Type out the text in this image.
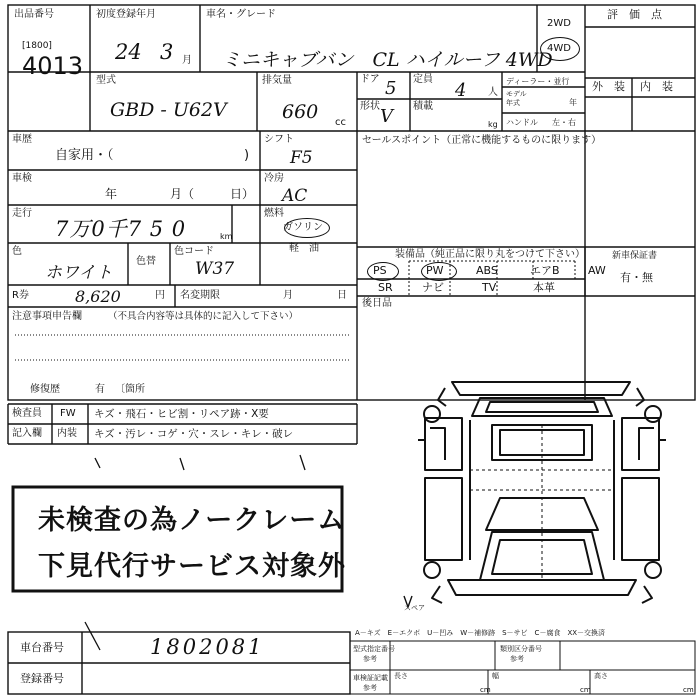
スペア
出品番号
[1800]
4013
初度登録年月
24 3 月
車名・グレード
ミニキャブバン　CL ハイルーフ 4WD
2WD
4WD
評　価　点
型式
GBD - U62V
排気量
660 cc
ドア 5 定員
4 人
形状 V 積載
kg
ディーラー・並行
モデル
年式	年
ハンドル 左・右
外　装 内　装
車歴
自家用・（	)
シフト
F5
セールスポイント（正常に機能するものに限ります）
車検
年	月（	日）
冷房
AC
走行
7万0千7 5 0	km
燃料
ガソリン
軽　油
色
ホワイト
色替
色コード
W37
R券	8,620	円 名変期限	月	日
装備品（純正品に限り丸をつけて下さい）
PS	PW	ABS	エアB	AW
SR	ナビ	TV	本革
新車保証書
有・無
後日品
注意事項申告欄	（不具合内容等は具体的に記入して下さい）
修復歴	有 〔箇所
検査員
記入欄
FW キズ・飛石・ヒビ割・リペア跡・X要
内装 キズ・汚レ・コゲ・穴・スレ・キレ・破レ
未検査の為ノークレーム
下見代行サービス対象外
車台番号	1802081
登録番号
A－キズ　E－エクボ　U－凹み　W－補修跡　S－サビ　C－腐食　XX－交換済
型式指定番号
参考
類別区分番号
参考
車検証記載
参考
長さ
cm
幅
cm
高さ
cm
